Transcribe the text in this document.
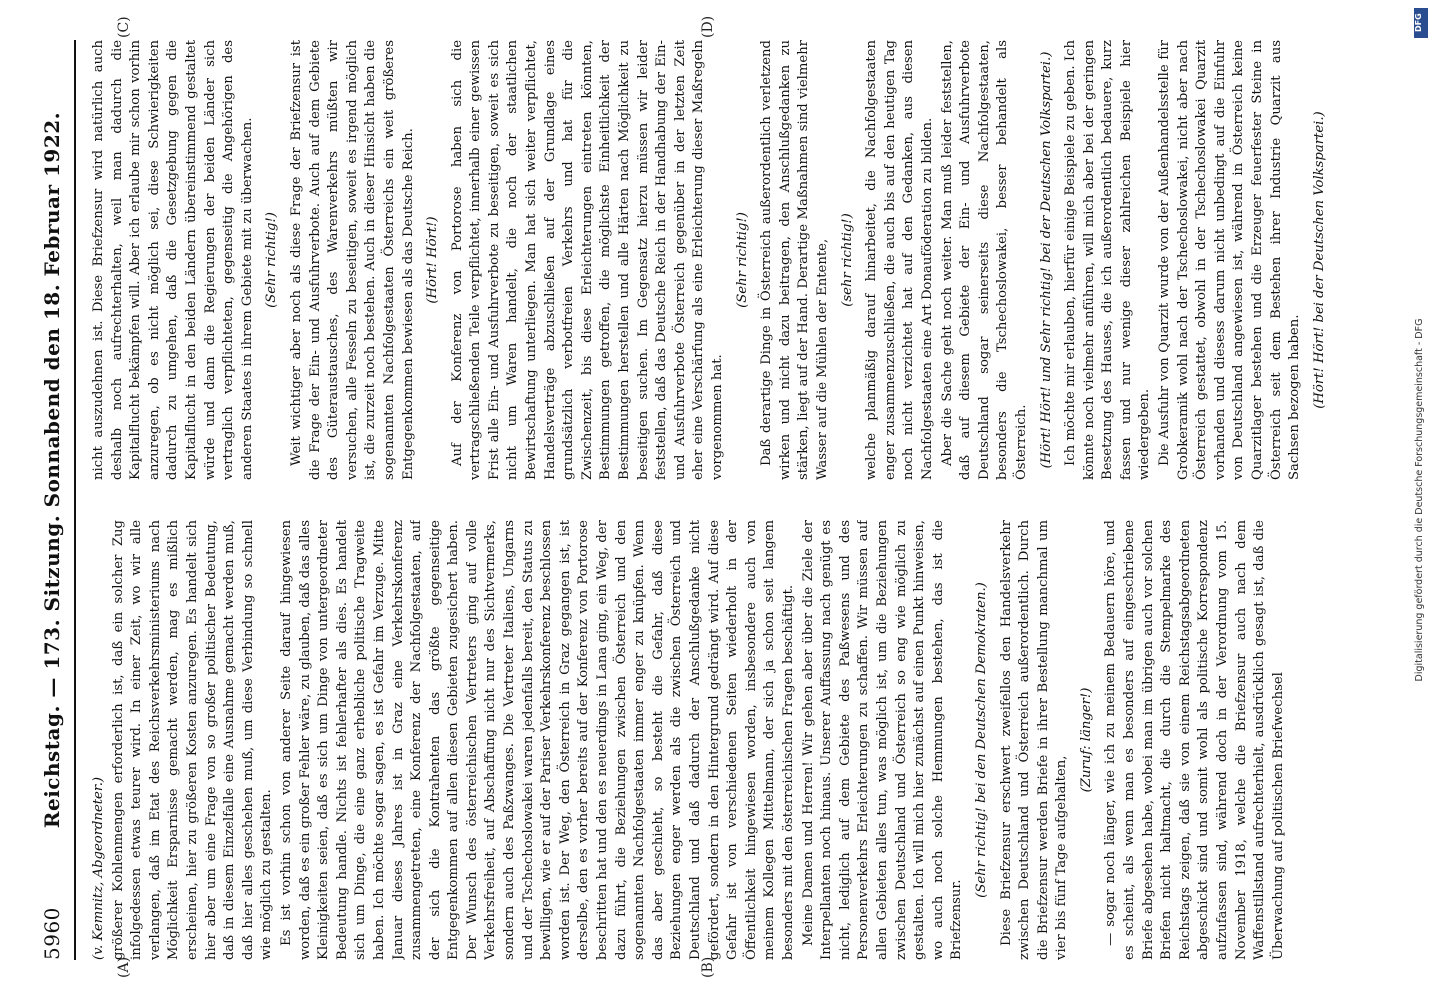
5960
Reichstag. — 173. Sitzung. Sonnabend den 18. Februar 1922.
(A)	(B)
(C)	(D)

(v. Kemnitz, Abgeordneter.) größerer Kohlenmengen erforderlich ist, daß ein solcher Zug infolgedessen etwas teurer wird. In einer Zeit, wo wir alle verlangen, daß im Etat des Reichsverkehrsministeriums nach Möglichkeit Ersparnisse gemacht werden, mag es mißlich erscheinen, hier zu größeren Kosten anzuregen. Es handelt sich hier aber um eine Frage von so großer politischer Bedeutung, daß in diesem Einzelfalle eine Ausnahme gemacht werden muß, daß hier alles geschehen muß, um diese Verbindung so schnell wie möglich zu gestalten. Es ist vorhin schon von anderer Seite darauf hingewiesen worden, daß es ein großer Fehler wäre, zu glauben, daß das alles Kleinigkeiten seien, daß es sich um Dinge von untergeordneter Bedeutung handle. Nichts ist fehlerhafter als dies. Es handelt sich um Dinge, die eine ganz erhebliche politische Tragweite haben. Ich möchte sogar sagen, es ist Gefahr im Verzuge. Mitte Januar dieses Jahres ist in Graz eine Verkehrskonferenz zusammengetreten, eine Konferenz der Nachfolgestaaten, auf der sich die Kontrahenten das größte gegenseitige Entgegenkommen auf allen diesen Gebieten zugesichert haben. Der Wunsch des österreichischen Vertreters ging auf volle Verkehrsfreiheit, auf Abschaffung nicht nur des Sichtvermerks, sondern auch des Paßzwanges. Die Vertreter Italiens, Ungarns und der Tschechoslowakei waren jedenfalls bereit, den Status zu bewilligen, wie er auf der Pariser Verkehrskonferenz beschlossen worden ist. Der Weg, den Österreich in Graz gegangen ist, ist derselbe, den es vorher bereits auf der Konferenz von Portorose beschritten hat und den es neuerdings in Lana ging, ein Weg, der dazu führt, die Beziehungen zwischen Österreich und den sogenannten Nachfolgestaaten immer enger zu knüpfen. Wenn das aber geschieht, so besteht die Gefahr, daß diese Beziehungen enger werden als die zwischen Österreich und Deutschland und daß dadurch der Anschlußgedanke nicht gefördert, sondern in den Hintergrund gedrängt wird. Auf diese Gefahr ist von verschiedenen Seiten wiederholt in der Öffentlichkeit hingewiesen worden, insbesondere auch von meinem Kollegen Mittelmann, der sich ja schon seit langem besonders mit den österreichischen Fragen beschäftigt. Meine Damen und Herren! Wir gehen aber über die Ziele der Interpellanten noch hinaus. Unserer Auffassung nach genügt es nicht, lediglich auf dem Gebiete des Paßwesens und des Personenverkehrs Erleichterungen zu schaffen. Wir müssen auf allen Gebieten alles tun, was möglich ist, um die Beziehungen zwischen Deutschland und Österreich so eng wie möglich zu gestalten. Ich will mich hier zunächst auf einen Punkt hinweisen, wo auch noch solche Hemmungen bestehen, das ist die Briefzensur.

(Sehr richtig! bei den Deutschen Demokraten.) Diese Briefzensur erschwert zweifellos den Handelsverkehr zwischen Deutschland und Österreich außerordentlich. Durch die Briefzensur werden Briefe in ihrer Bestellung manchmal um vier bis fünf Tage aufgehalten,

(Zuruf: länger!) — sogar noch länger, wie ich zu meinem Bedauern höre, und es scheint, als wenn man es besonders auf eingeschriebene Briefe abgesehen habe, wobei man im übrigen auch vor solchen Briefen nicht haltmacht, die durch die Stempelmarke des Reichstags zeigen, daß sie von einem Reichstagsabgeordneten abgeschickt sind und somit wohl als politische Korrespondenz aufzufassen sind, während doch in der Verordnung vom 15. November 1918, welche die Briefzensur auch nach dem Waffenstillstand aufrechterhielt, ausdrücklich gesagt ist, daß die Überwachung auf politischen Briefwechsel

nicht auszudehnen ist. Diese Briefzensur wird natürlich auch deshalb noch aufrechterhalten, weil man dadurch die Kapitalflucht bekämpfen will. Aber ich erlaube mir schon vorhin anzuregen, ob es nicht möglich sei, diese Schwierigkeiten dadurch zu umgehen, daß die Gesetzgebung gegen die Kapitalflucht in den beiden Ländern übereinstimmend gestaltet würde und dann die Regierungen der beiden Länder sich vertraglich verpflichteten, gegenseitig die Angehörigen des anderen Staates in ihrem Gebiete mit zu überwachen. (Sehr richtig!) Weit wichtiger aber noch als diese Frage der Briefzensur ist die Frage der Ein- und Ausfuhrverbote. Auch auf dem Gebiete des Güteraustausches, des Warenverkehrs müßten wir versuchen, alle Fesseln zu beseitigen, soweit es irgend möglich ist, die zurzeit noch bestehen. Auch in dieser Hinsicht haben die sogenannten Nachfolgestaaten Österreichs ein weit größeres Entgegenkommen bewiesen als das Deutsche Reich. (Hört! Hört!) Auf der Konferenz von Portorose haben sich die vertragschließenden Teile verpflichtet, innerhalb einer gewissen Frist alle Ein- und Ausfuhrverbote zu beseitigen, soweit es sich nicht um Waren handelt, die noch der staatlichen Bewirtschaftung unterliegen. Man hat sich weiter verpflichtet, Handelsverträge abzuschließen auf der Grundlage eines grundsätzlich verbotfreien Verkehrs und hat für die Zwischenzeit, bis diese Erleichterungen eintreten könnten, Bestimmungen getroffen, die möglichste Einheitlichkeit der Bestimmungen herstellen und alle Härten nach Möglichkeit zu beseitigen suchen. Im Gegensatz hierzu müssen wir leider feststellen, daß das Deutsche Reich in der Handhabung der Ein- und Ausfuhrverbote Österreich gegenüber in der letzten Zeit eher eine Verschärfung als eine Erleichterung dieser Maßregeln vorgenommen hat.

(Sehr richtig!) Daß derartige Dinge in Österreich außerordentlich verletzend wirken und nicht dazu beitragen, den Anschlußgedanken zu stärken, liegt auf der Hand. Derartige Maßnahmen sind vielmehr Wasser auf die Mühlen der Entente, (sehr richtig!) welche planmäßig darauf hinarbeitet, die Nachfolgestaaten enger zusammenzuschließen, die auch bis auf den heutigen Tag noch nicht verzichtet hat auf den Gedanken, aus diesen Nachfolgestaaten eine Art Donauföderation zu bilden. Aber die Sache geht noch weiter. Man muß leider feststellen, daß auf diesem Gebiete der Ein- und Ausfuhrverbote Deutschland sogar seinerseits diese Nachfolgestaaten, besonders die Tschechoslowakei, besser behandelt als Österreich. (Hört! Hört! und Sehr richtig! bei der Deutschen Volkspartei.) Ich möchte mir erlauben, hierfür einige Beispiele zu geben. Ich könnte noch vielmehr anführen, will mich aber bei der geringen Besetzung des Hauses, die ich außerordentlich bedauere, kurz fassen und nur wenige dieser zahlreichen Beispiele hier wiedergeben. Die Ausfuhr von Quarzit wurde von der Außenhandelsstelle für Grobkeramik wohl nach der Tschechoslowakei, nicht aber nach Österreich gestattet, obwohl in der Tschechoslowakei Quarzit vorhanden und diesess darum nicht unbedingt auf die Einfuhr von Deutschland angewiesen ist, während in Österreich keine Quarzitlager bestehen und die Erzeuger feuerfester Steine in Österreich seit dem Bestehen ihrer Industrie Quarzit aus Sachsen bezogen haben. (Hört! Hört! bei der Deutschen Volkspartei.)

DFG
Digitalisierung gefördert durch die Deutsche Forschungsgemeinschaft - DFG
